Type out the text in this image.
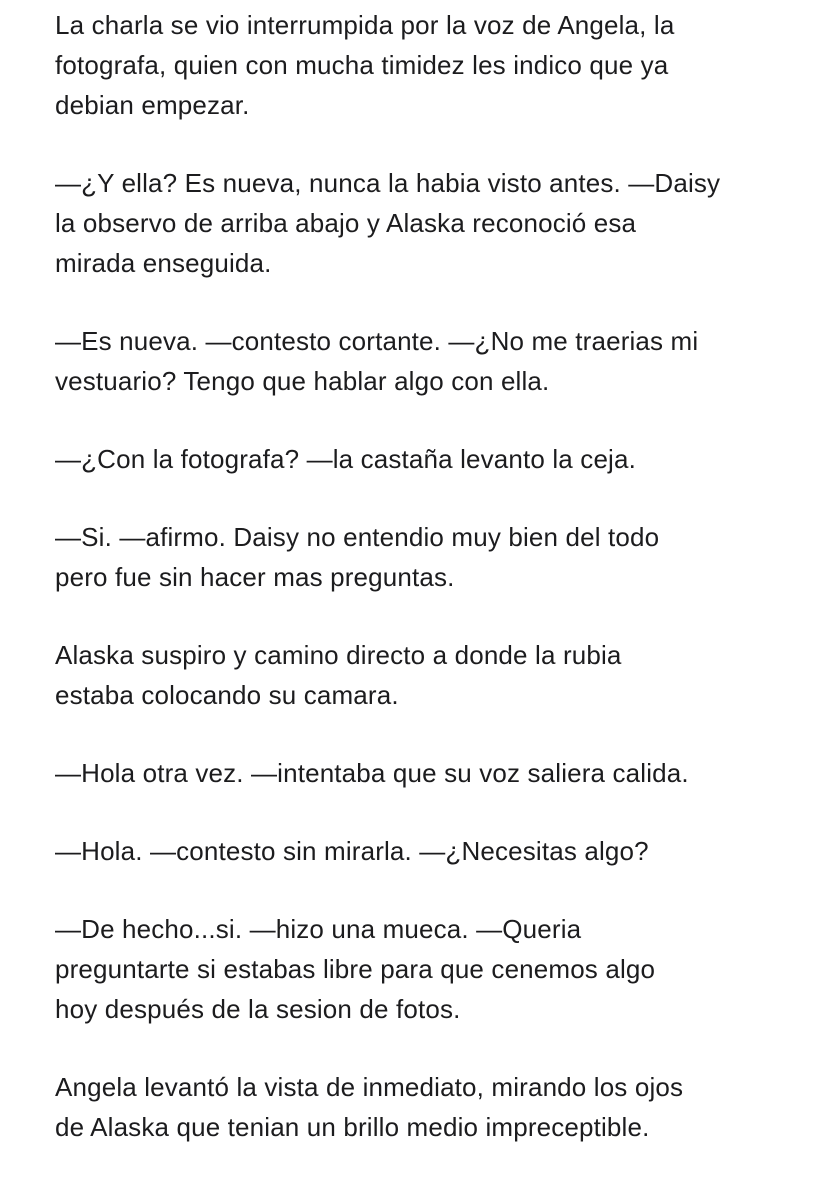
La charla se vio interrumpida por la voz de Angela, la
fotografa, quien con mucha timidez les indico que ya
debian empezar.

—¿Y ella? Es nueva, nunca la habia visto antes. —Daisy
la observo de arriba abajo y Alaska reconoció esa
mirada enseguida.

—Es nueva. —contesto cortante. —¿No me traerias mi
vestuario? Tengo que hablar algo con ella.

—¿Con la fotografa? —la castaña levanto la ceja.

—Si. —afirmo. Daisy no entendio muy bien del todo
pero fue sin hacer mas preguntas.

Alaska suspiro y camino directo a donde la rubia
estaba colocando su camara.

—Hola otra vez. —intentaba que su voz saliera calida.

—Hola. —contesto sin mirarla. —¿Necesitas algo?

—De hecho...si. —hizo una mueca. —Queria
preguntarte si estabas libre para que cenemos algo
hoy después de la sesion de fotos.

Angela levantó la vista de inmediato, mirando los ojos
de Alaska que tenian un brillo medio impreceptible.
